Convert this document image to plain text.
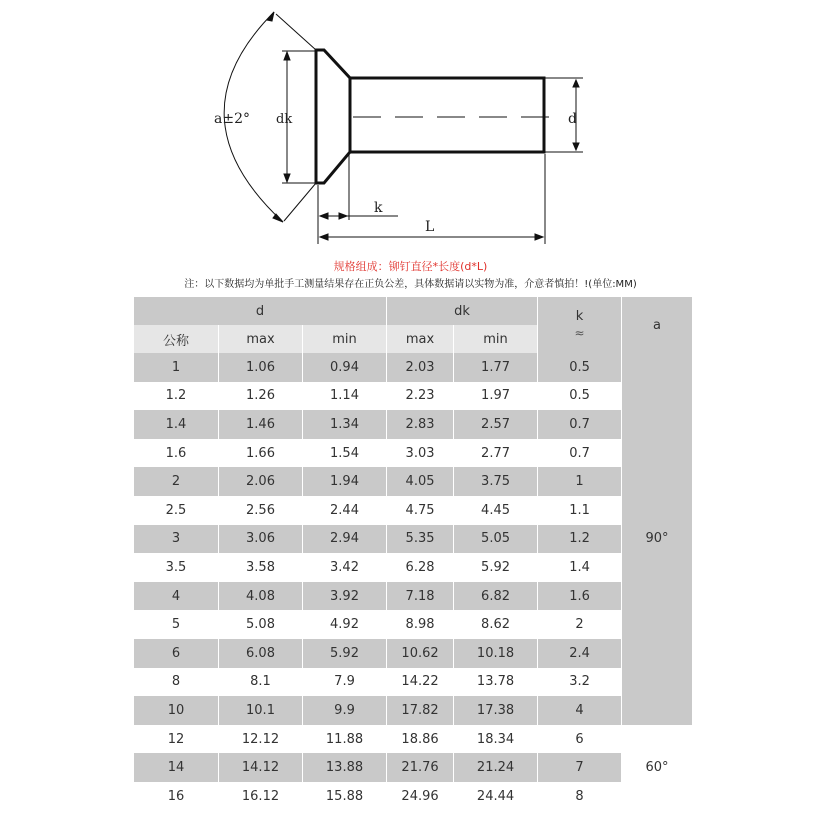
a±2° dk	d
k
L
规格组成：铆钉直径*长度(d*L)
注：以下数据均为单批手工测量结果存在正负公差，具体数据请以实物为准，介意者慎拍！!(单位:MM)
d			dk		k
≈	a
公称	max	min	max	min		
1	1.06	0.94	2.03	1.77	0.5	90°
1.2	1.26	1.14	2.23	1.97	0.5	
1.4	1.46	1.34	2.83	2.57	0.7	
1.6	1.66	1.54	3.03	2.77	0.7	
2	2.06	1.94	4.05	3.75	1	
2.5	2.56	2.44	4.75	4.45	1.1	
3	3.06	2.94	5.35	5.05	1.2	
3.5	3.58	3.42	6.28	5.92	1.4	
4	4.08	3.92	7.18	6.82	1.6	
5	5.08	4.92	8.98	8.62	2	
6	6.08	5.92	10.62	10.18	2.4	
8	8.1	7.9	14.22	13.78	3.2	
10	10.1	9.9	17.82	17.38	4	
12	12.12	11.88	18.86	18.34	6	60°
14	14.12	13.88	21.76	21.24	7	
16	16.12	15.88	24.96	24.44	8	
